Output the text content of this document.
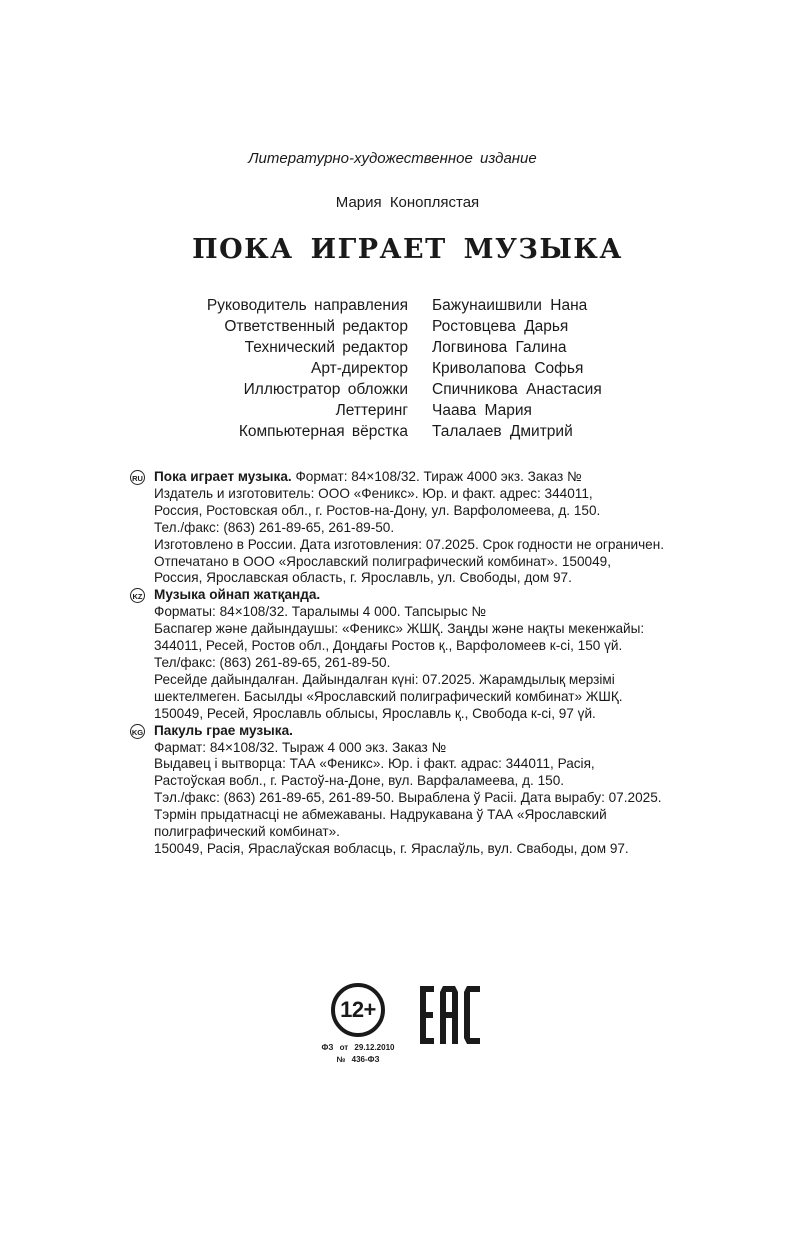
Литературно-художественное издание
Мария Коноплястая
ПОКА ИГРАЕТ МУЗЫКА
Руководитель направления Бажунаишвили Нана
Ответственный редактор Ростовцева Дарья
Технический редактор Логвинова Галина
Арт-директор Криволапова Софья
Иллюстратор обложки Спичникова Анастасия
Леттеринг Чаава Мария
Компьютерная вёрстка Талалаев Дмитрий
RU Пока играет музыка. Формат: 84×108/32. Тираж 4000 экз. Заказ №
Издатель и изготовитель: ООО «Феникс». Юр. и факт. адрес: 344011,
Россия, Ростовская обл., г. Ростов-на-Дону, ул. Варфоломеева, д. 150.
Тел./факс: (863) 261-89-65, 261-89-50.
Изготовлено в России. Дата изготовления: 07.2025. Срок годности не ограничен.
Отпечатано в ООО «Ярославский полиграфический комбинат». 150049,
Россия, Ярославская область, г. Ярославль, ул. Свободы, дом 97.
KZ Музыка ойнап жатқанда.
Форматы: 84×108/32. Таралымы 4 000. Тапсырыс №
Баспагер және дайындаушы: «Феникс» ЖШҚ. Заңды және нақты мекенжайы:
344011, Ресей, Ростов обл., Доңдағы Ростов қ., Варфоломеев к-сі, 150 үй.
Тел/факс: (863) 261-89-65, 261-89-50.
Ресейде дайындалған. Дайындалған күні: 07.2025. Жарамдылық мерзімі
шектелмеген. Басылды «Ярославский полиграфический комбинат» ЖШҚ.
150049, Ресей, Ярославль облысы, Ярославль қ., Свобода к-сі, 97 үй.
KG Пакуль грае музыка.
Фармат: 84×108/32. Тыраж 4 000 экз. Заказ №
Выдавец і вытворца: ТАА «Феникс». Юр. і факт. адрас: 344011, Расія,
Растоўская вобл., г. Растоў-на-Доне, вул. Варфаламеева, д. 150.
Тэл./факс: (863) 261-89-65, 261-89-50. Выраблена ў Расіі. Дата вырабу: 07.2025.
Тэрмін прыдатнасці не абмежаваны. Надрукавана ў ТАА «Ярославский
полиграфический комбинат».
150049, Расія, Яраслаўская вобласць, г. Яраслаўль, вул. Свабоды, дом 97.
12+
ФЗ от 29.12.2010
№ 436-ФЗ
